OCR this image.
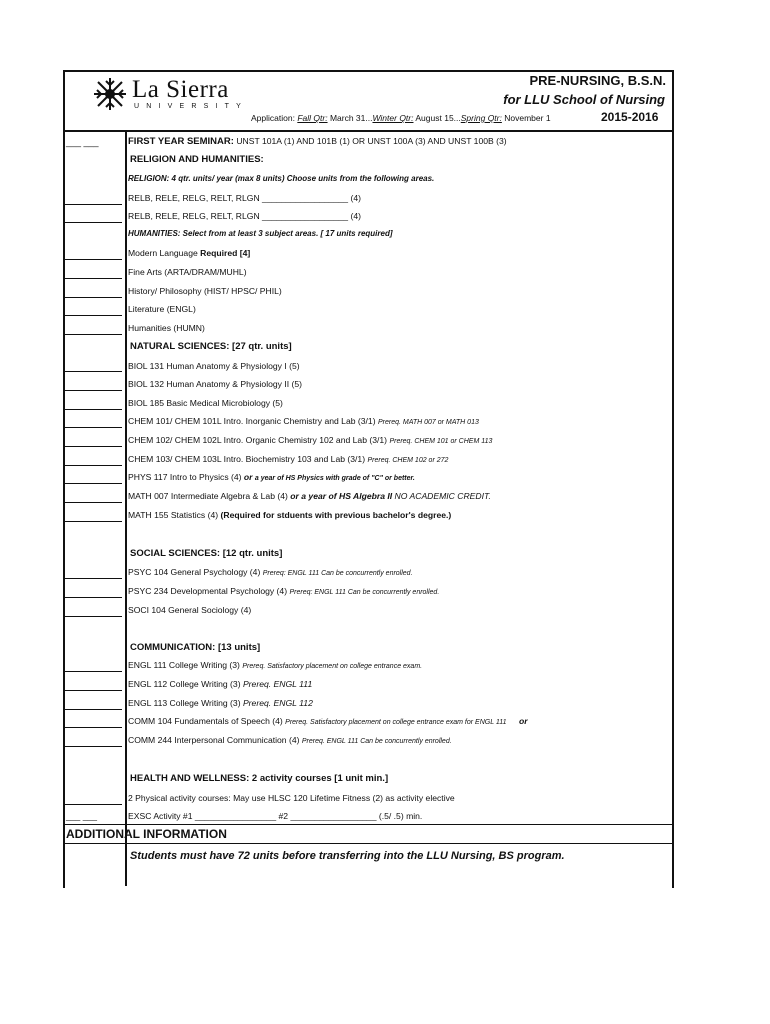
La Sierra
UNIVERSITY
PRE-NURSING, B.S.N.
for LLU School of Nursing
Application: Fall Qtr: March 31...Winter Qtr: August 15...Spring Qtr: November 1	2015-2016
___ ___	FIRST YEAR SEMINAR: UNST 101A (1) AND 101B (1) OR UNST 100A (3) AND UNST 100B (3)
RELIGION AND HUMANITIES:
RELIGION: 4 qtr. units/ year (max 8 units) Choose units from the following areas.
RELB, RELE, RELG, RELT, RLGN __________________ (4)
RELB, RELE, RELG, RELT, RLGN __________________ (4)
HUMANITIES: Select from at least 3 subject areas. [ 17 units required]
Modern Language Required [4]
Fine Arts (ARTA/DRAM/MUHL)
History/ Philosophy (HIST/ HPSC/ PHIL)
Literature (ENGL)
Humanities (HUMN)
NATURAL SCIENCES: [27 qtr. units]
BIOL 131 Human Anatomy & Physiology I (5)
BIOL 132 Human Anatomy & Physiology II (5)
BIOL 185 Basic Medical Microbiology (5)
CHEM 101/ CHEM 101L Intro. Inorganic Chemistry and Lab (3/1) Prereq. MATH 007 or MATH 013
CHEM 102/ CHEM 102L Intro. Organic Chemistry 102 and Lab (3/1) Prereq. CHEM 101 or CHEM 113
CHEM 103/ CHEM 103L Intro. Biochemistry 103 and Lab (3/1) Prereq. CHEM 102 or 272
PHYS 117 Intro to Physics (4) or a year of HS Physics with grade of "C" or better.
MATH 007 Intermediate Algebra & Lab (4) or a year of HS Algebra II NO ACADEMIC CREDIT.
MATH 155 Statistics (4) (Required for stduents with previous bachelor's degree.)
SOCIAL SCIENCES: [12 qtr. units]
PSYC 104 General Psychology (4) Prereq: ENGL 111 Can be concurrently enrolled.
PSYC 234 Developmental Psychology (4) Prereq: ENGL 111 Can be concurrently enrolled.
SOCI 104 General Sociology (4)
COMMUNICATION: [13 units]
ENGL 111 College Writing (3) Prereq. Satisfactory placement on college entrance exam.
ENGL 112 College Writing (3) Prereq. ENGL 111
ENGL 113 College Writing (3) Prereq. ENGL 112
COMM 104 Fundamentals of Speech (4) Prereq. Satisfactory placement on college entrance exam for ENGL 111 or
COMM 244 Interpersonal Communication (4) Prereq. ENGL 111 Can be concurrently enrolled.
HEALTH AND WELLNESS: 2 activity courses [1 unit min.]
2 Physical activity courses: May use HLSC 120 Lifetime Fitness (2) as activity elective
___ ___	EXSC Activity #1 _________________ #2 __________________ (.5/ .5) min.
ADDITIONAL INFORMATION
Students must have 72 units before transferring into the LLU Nursing, BS program.
